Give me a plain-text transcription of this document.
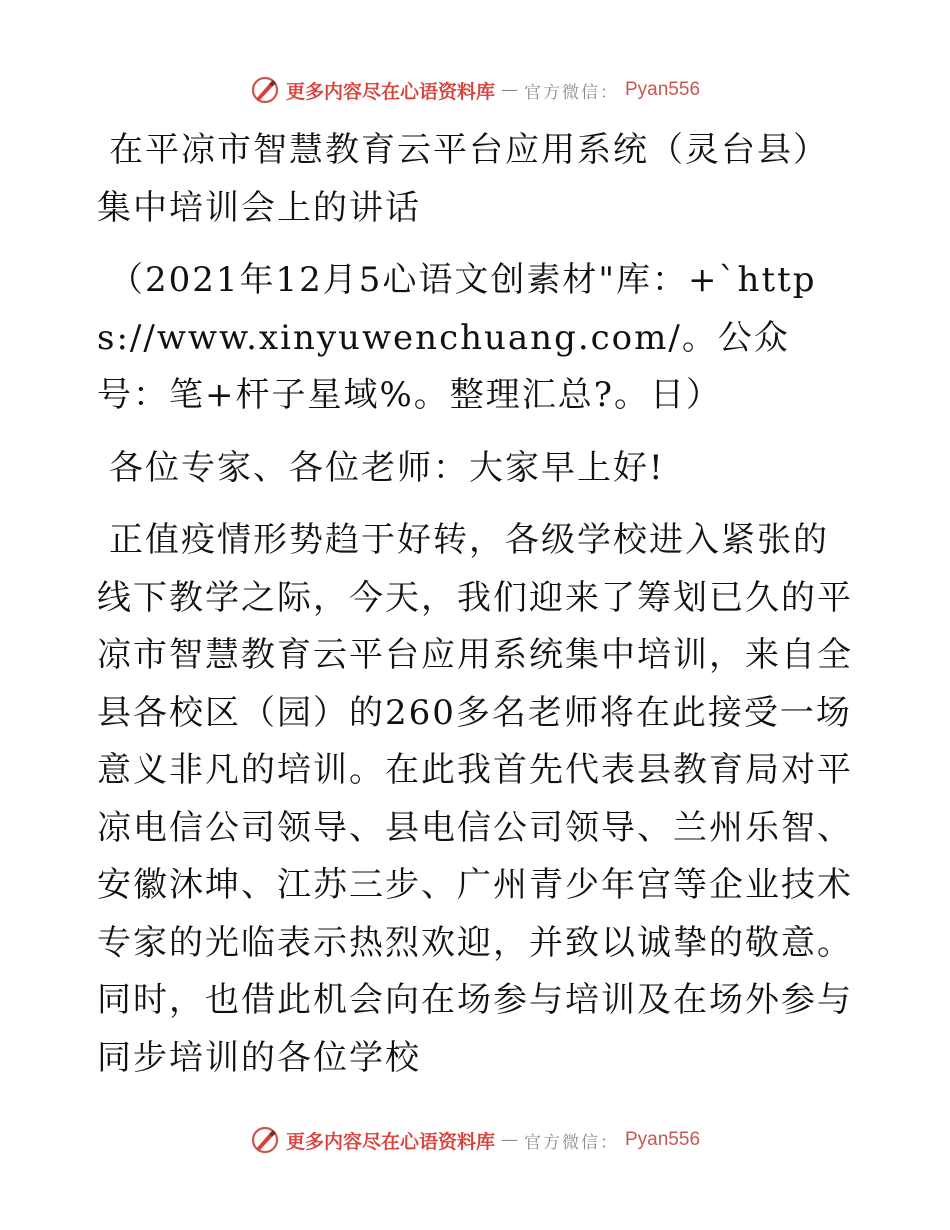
更多内容尽在心语资料库 — 官方微信： Pyan556

在平凉市智慧教育云平台应用系统（灵台县）集中培训会上的讲话

（2021年12月5心语文创素材"库：+`https://www.xinyuwenchuang.com/。公众号：笔+杆子星域%。整理汇总?。日）

各位专家、各位老师：大家早上好!

正值疫情形势趋于好转，各级学校进入紧张的线下教学之际，今天，我们迎来了筹划已久的平凉市智慧教育云平台应用系统集中培训，来自全县各校区（园）的260多名老师将在此接受一场意义非凡的培训。在此我首先代表县教育局对平凉电信公司领导、县电信公司领导、兰州乐智、安徽沐坤、江苏三步、广州青少年宫等企业技术专家的光临表示热烈欢迎，并致以诚挚的敬意。同时，也借此机会向在场参与培训及在场外参与同步培训的各位学校

更多内容尽在心语资料库 — 官方微信： Pyan556
